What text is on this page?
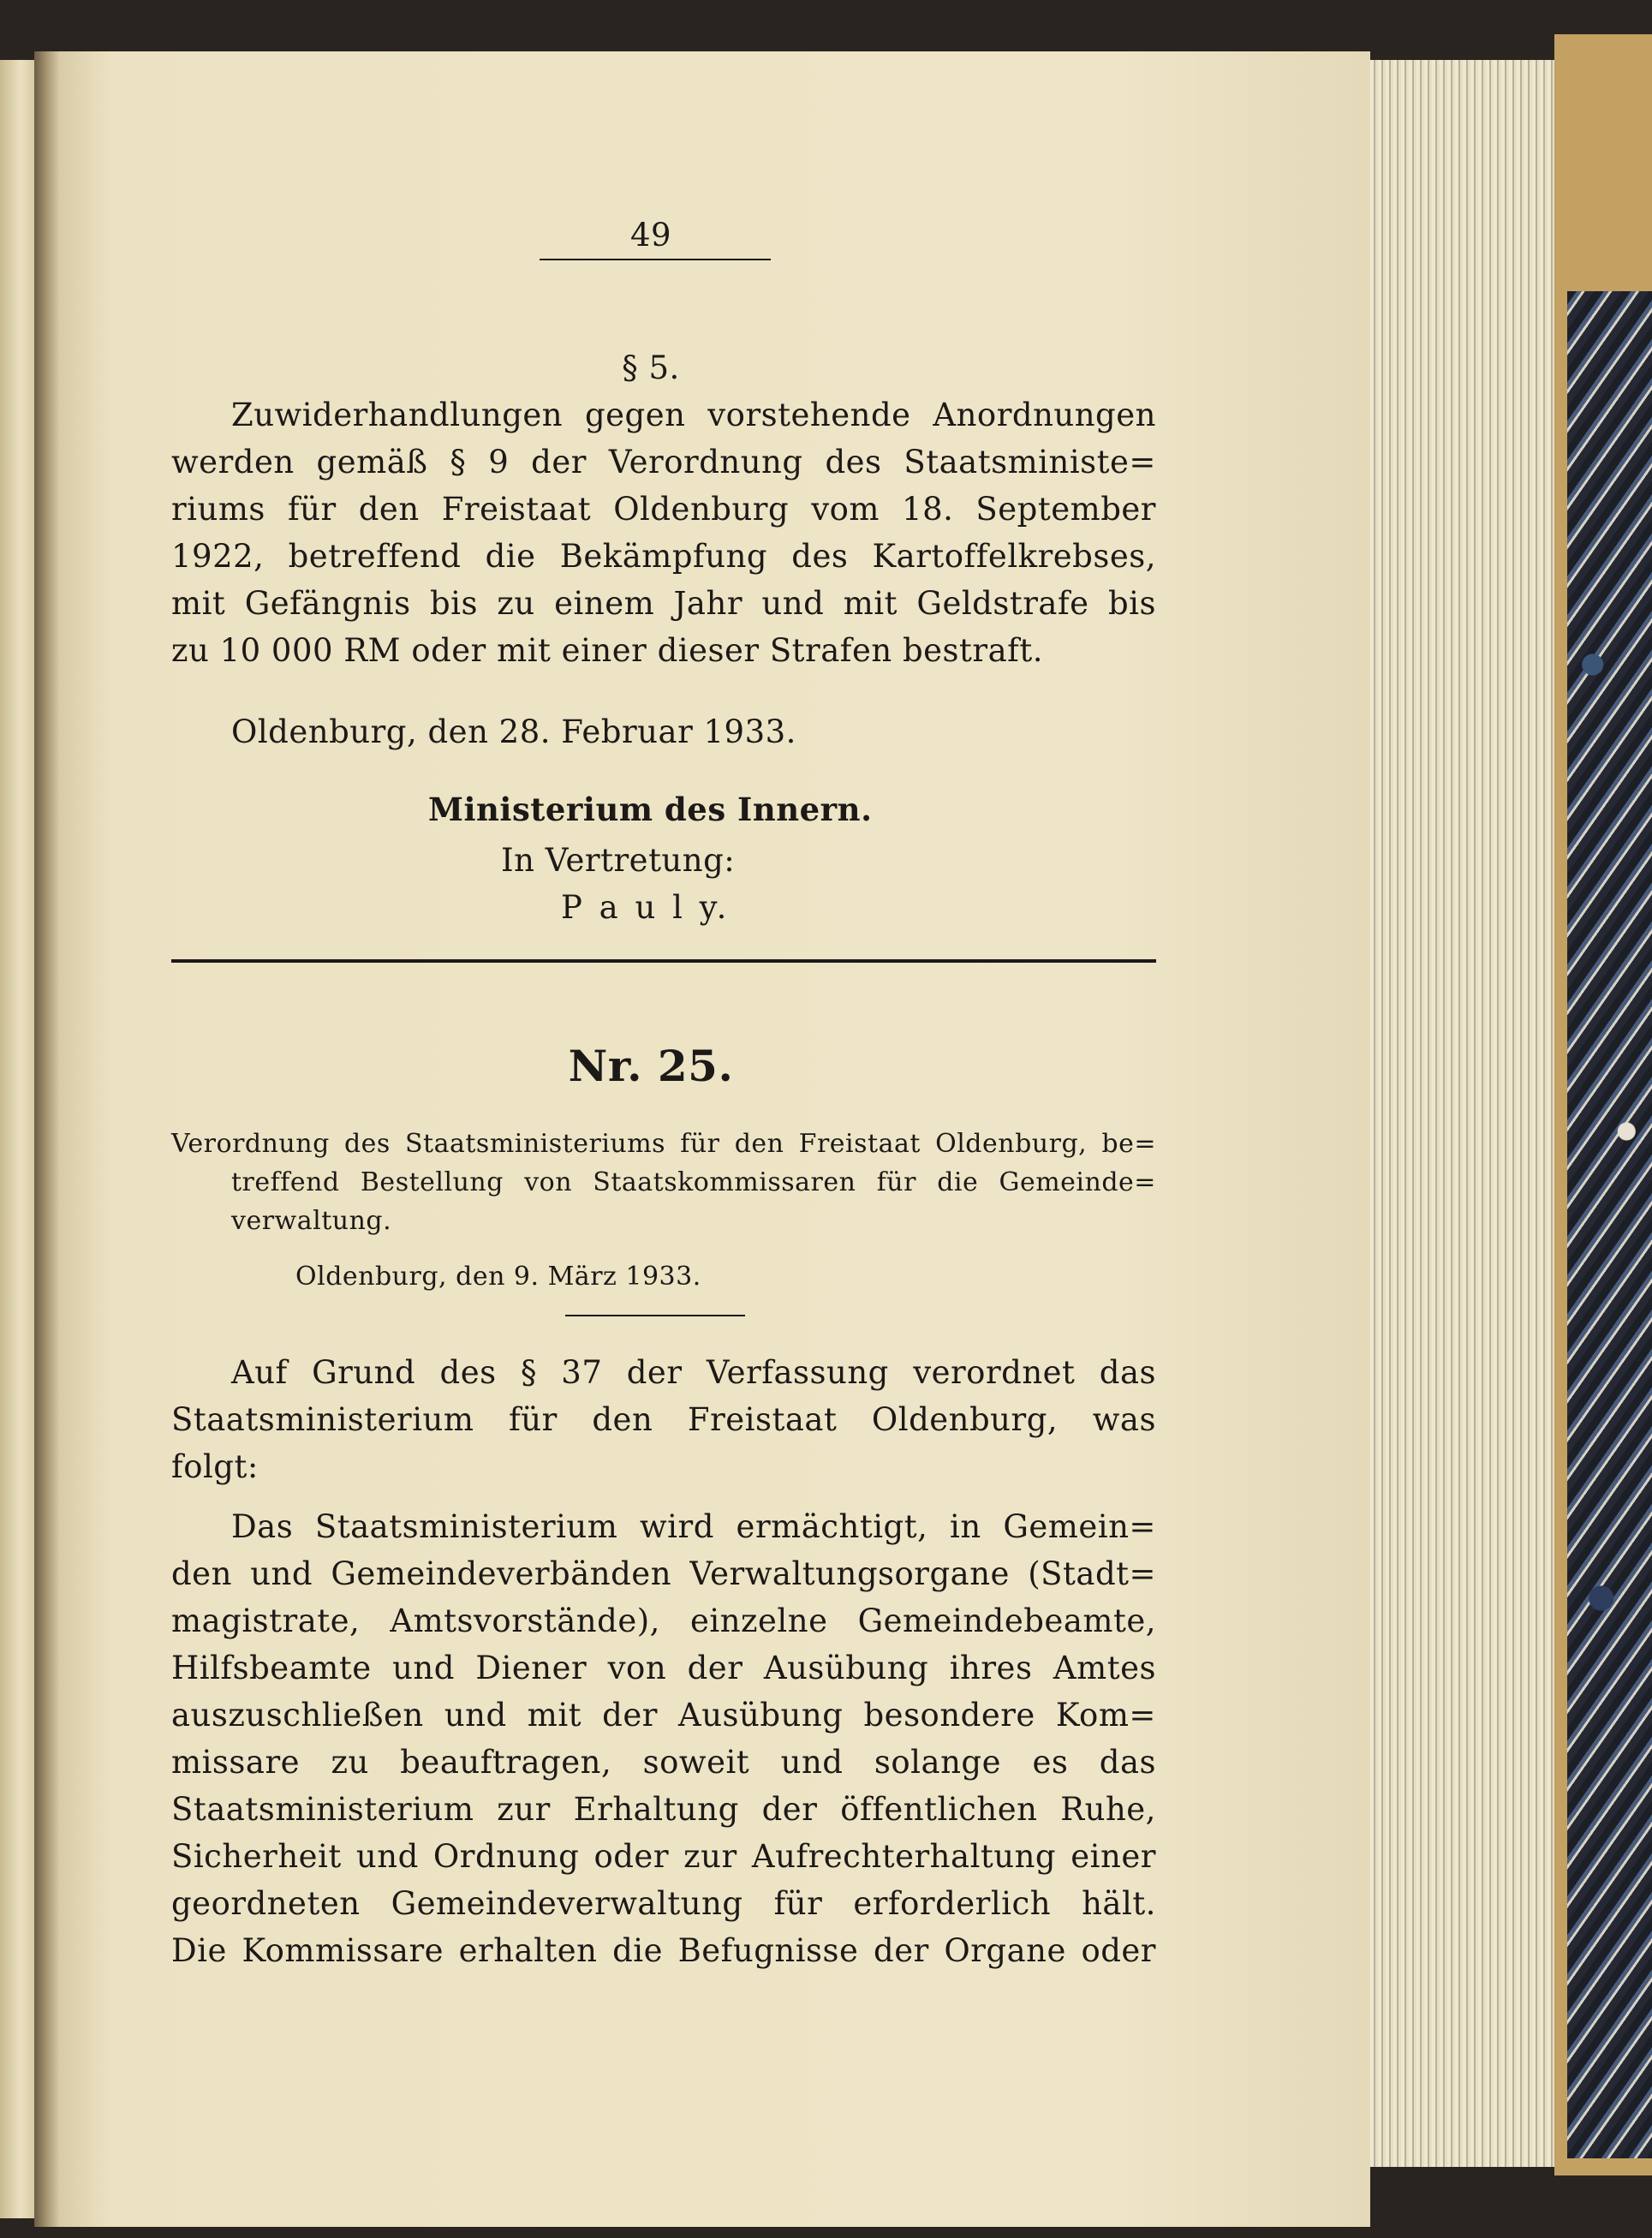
49
§ 5.
Zuwiderhandlungen gegen vorstehende Anordnungen
werden gemäß § 9 der Verordnung des Staatsministe=
riums für den Freistaat Oldenburg vom 18. September
1922, betreffend die Bekämpfung des Kartoffelkrebses,
mit Gefängnis bis zu einem Jahr und mit Geldstrafe bis
zu 10 000 RM oder mit einer dieser Strafen bestraft.
Oldenburg, den 28. Februar 1933.
Ministerium des Innern.
In Vertretung:
P a u l y.
Nr. 25.
Verordnung des Staatsministeriums für den Freistaat Oldenburg, be=
treffend Bestellung von Staatskommissaren für die Gemeinde=
verwaltung.
Oldenburg, den 9. März 1933.
Auf Grund des § 37 der Verfassung verordnet das
Staatsministerium für den Freistaat Oldenburg, was
folgt:
Das Staatsministerium wird ermächtigt, in Gemein=
den und Gemeindeverbänden Verwaltungsorgane (Stadt=
magistrate, Amtsvorstände), einzelne Gemeindebeamte,
Hilfsbeamte und Diener von der Ausübung ihres Amtes
auszuschließen und mit der Ausübung besondere Kom=
missare zu beauftragen, soweit und solange es das
Staatsministerium zur Erhaltung der öffentlichen Ruhe,
Sicherheit und Ordnung oder zur Aufrechterhaltung einer
geordneten Gemeindeverwaltung für erforderlich hält.
Die Kommissare erhalten die Befugnisse der Organe oder
